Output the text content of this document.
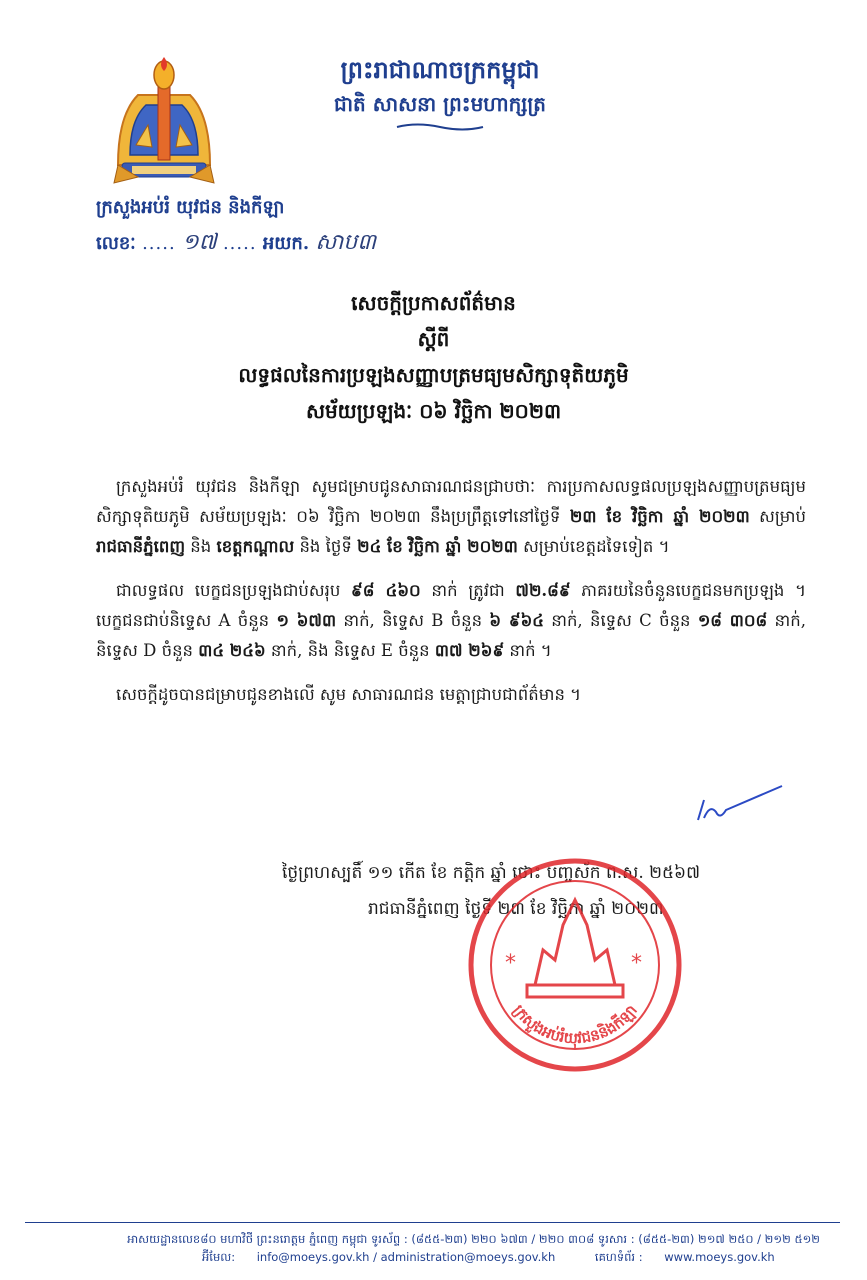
ព្រះរាជាណាចក្រកម្ពុជា
ជាតិ សាសនា ព្រះមហាក្សត្រ
ក្រសួងអប់រំ យុវជន និងកីឡា
លេខៈ ..... ១៧ ..... អយក. សាប៣
សេចក្តីប្រកាសព័ត៌មាន
ស្តីពី
លទ្ធផលនៃការប្រឡងសញ្ញាបត្រមធ្យមសិក្សាទុតិយភូមិ
សម័យប្រឡងៈ ០៦ វិច្ឆិកា ២០២៣

ក្រសួងអប់រំ យុវជន និងកីឡា សូមជម្រាបជូនសាធារណជនជ្រាបថាៈ ការប្រកាសលទ្ធផលប្រឡងសញ្ញាបត្រមធ្យមសិក្សាទុតិយភូមិ សម័យប្រឡងៈ ០៦ វិច្ឆិកា ២០២៣ នឹងប្រព្រឹត្តទៅនៅថ្ងៃទី ២៣ ខែ វិច្ឆិកា ឆ្នាំ ២០២៣ សម្រាប់ រាជធានីភ្នំពេញ និង ខេត្តកណ្តាល និង ថ្ងៃទី ២៤ ខែ វិច្ឆិកា ឆ្នាំ ២០២៣ សម្រាប់ខេត្តដទៃទៀត ។

ជាលទ្ធផល បេក្ខជនប្រឡងជាប់សរុប ៩៨ ៤៦០ នាក់ ត្រូវជា ៧២.៨៩ ភាគរយនៃចំនួនបេក្ខជនមកប្រឡង ។ បេក្ខជនជាប់និទ្ទេស A ចំនួន ១ ៦៧៣ នាក់, និទ្ទេស B ចំនួន ៦ ៩៦៤ នាក់, និទ្ទេស C ចំនួន ១៨ ៣០៨ នាក់, និទ្ទេស D ចំនួន ៣៤ ២៤៦ នាក់, និង និទ្ទេស E ចំនួន ៣៧ ២៦៩ នាក់ ។

សេចក្តីដូចបានជម្រាបជូនខាងលើ សូម សាធារណជន មេត្តាជ្រាបជាព័ត៌មាន ។

ថ្ងៃព្រហស្បតិ៍ ១១ កើត ខែ កត្តិក ឆ្នាំ ថោះ បញ្ចស័ក ព.ស. ២៥៦៧
រាជធានីភ្នំពេញ ថ្ងៃទី ២៣ ខែ វិច្ឆិកា ឆ្នាំ ២០២៣
*	*
ក្រសួងអប់រំយុវជននិងកីឡា
អាសយដ្ឋានលេខ៨០ មហាវិថី ព្រះនរោត្តម ភ្នំពេញ កម្ពុជា ទូរស័ព្ទ : (៨៥៥-២៣) ២២០ ៦៧៣ / ២២០ ៣០៨ ទូរសារ : (៨៥៥-២៣) ២១៧ ២៥០ / ២១២ ៥១២
អ៊ីមែល: info@moeys.gov.kh / administration@moeys.gov.kh	គេហទំព័រ : www.moeys.gov.kh
